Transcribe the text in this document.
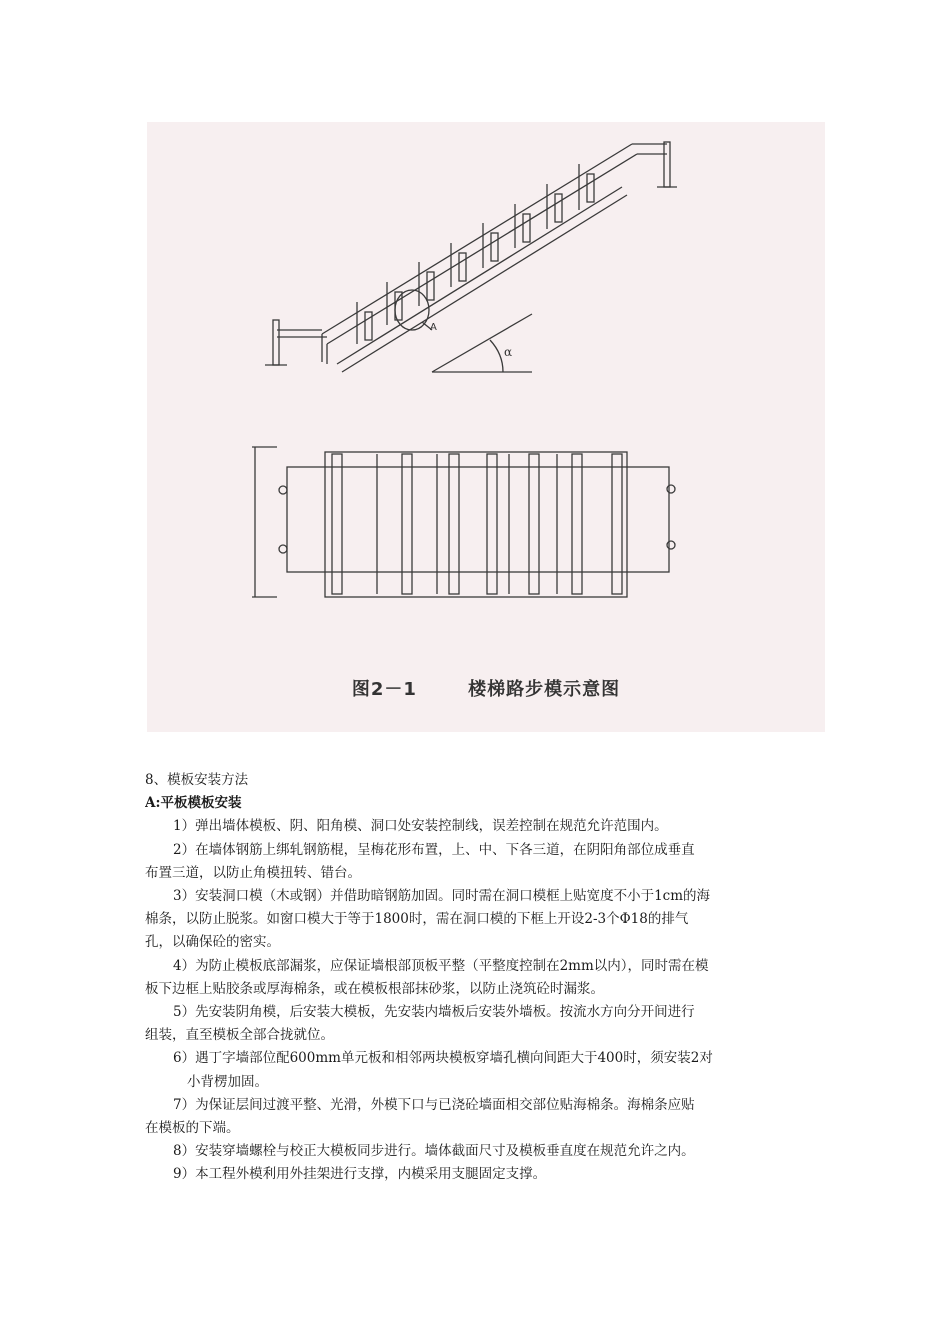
A
α
图2－1	楼梯路步模示意图
8、模板安装方法
A:平板模板安装
1）弹出墙体模板、阴、阳角模、洞口处安装控制线，误差控制在规范允许范围内。
2）在墙体钢筋上绑轧钢筋棍，呈梅花形布置，上、中、下各三道，在阴阳角部位成垂直
布置三道，以防止角模扭转、错台。
3）安装洞口模（木或钢）并借助暗钢筋加固。同时需在洞口模框上贴宽度不小于1cm的海
棉条，以防止脱浆。如窗口模大于等于1800时，需在洞口模的下框上开设2-3个Φ18的排气
孔，以确保砼的密实。
4）为防止模板底部漏浆，应保证墙根部顶板平整（平整度控制在2mm以内），同时需在模
板下边框上贴胶条或厚海棉条，或在模板根部抹砂浆，以防止浇筑砼时漏浆。
5）先安装阴角模，后安装大模板，先安装内墙板后安装外墙板。按流水方向分开间进行
组装，直至模板全部合拢就位。
6）遇丁字墙部位配600mm单元板和相邻两块模板穿墙孔横向间距大于400时，须安装2对
小背楞加固。
7）为保证层间过渡平整、光滑，外模下口与已浇砼墙面相交部位贴海棉条。海棉条应贴
在模板的下端。
8）安装穿墙螺栓与校正大模板同步进行。墙体截面尺寸及模板垂直度在规范允许之内。
9）本工程外模利用外挂架进行支撑，内模采用支腿固定支撑。
